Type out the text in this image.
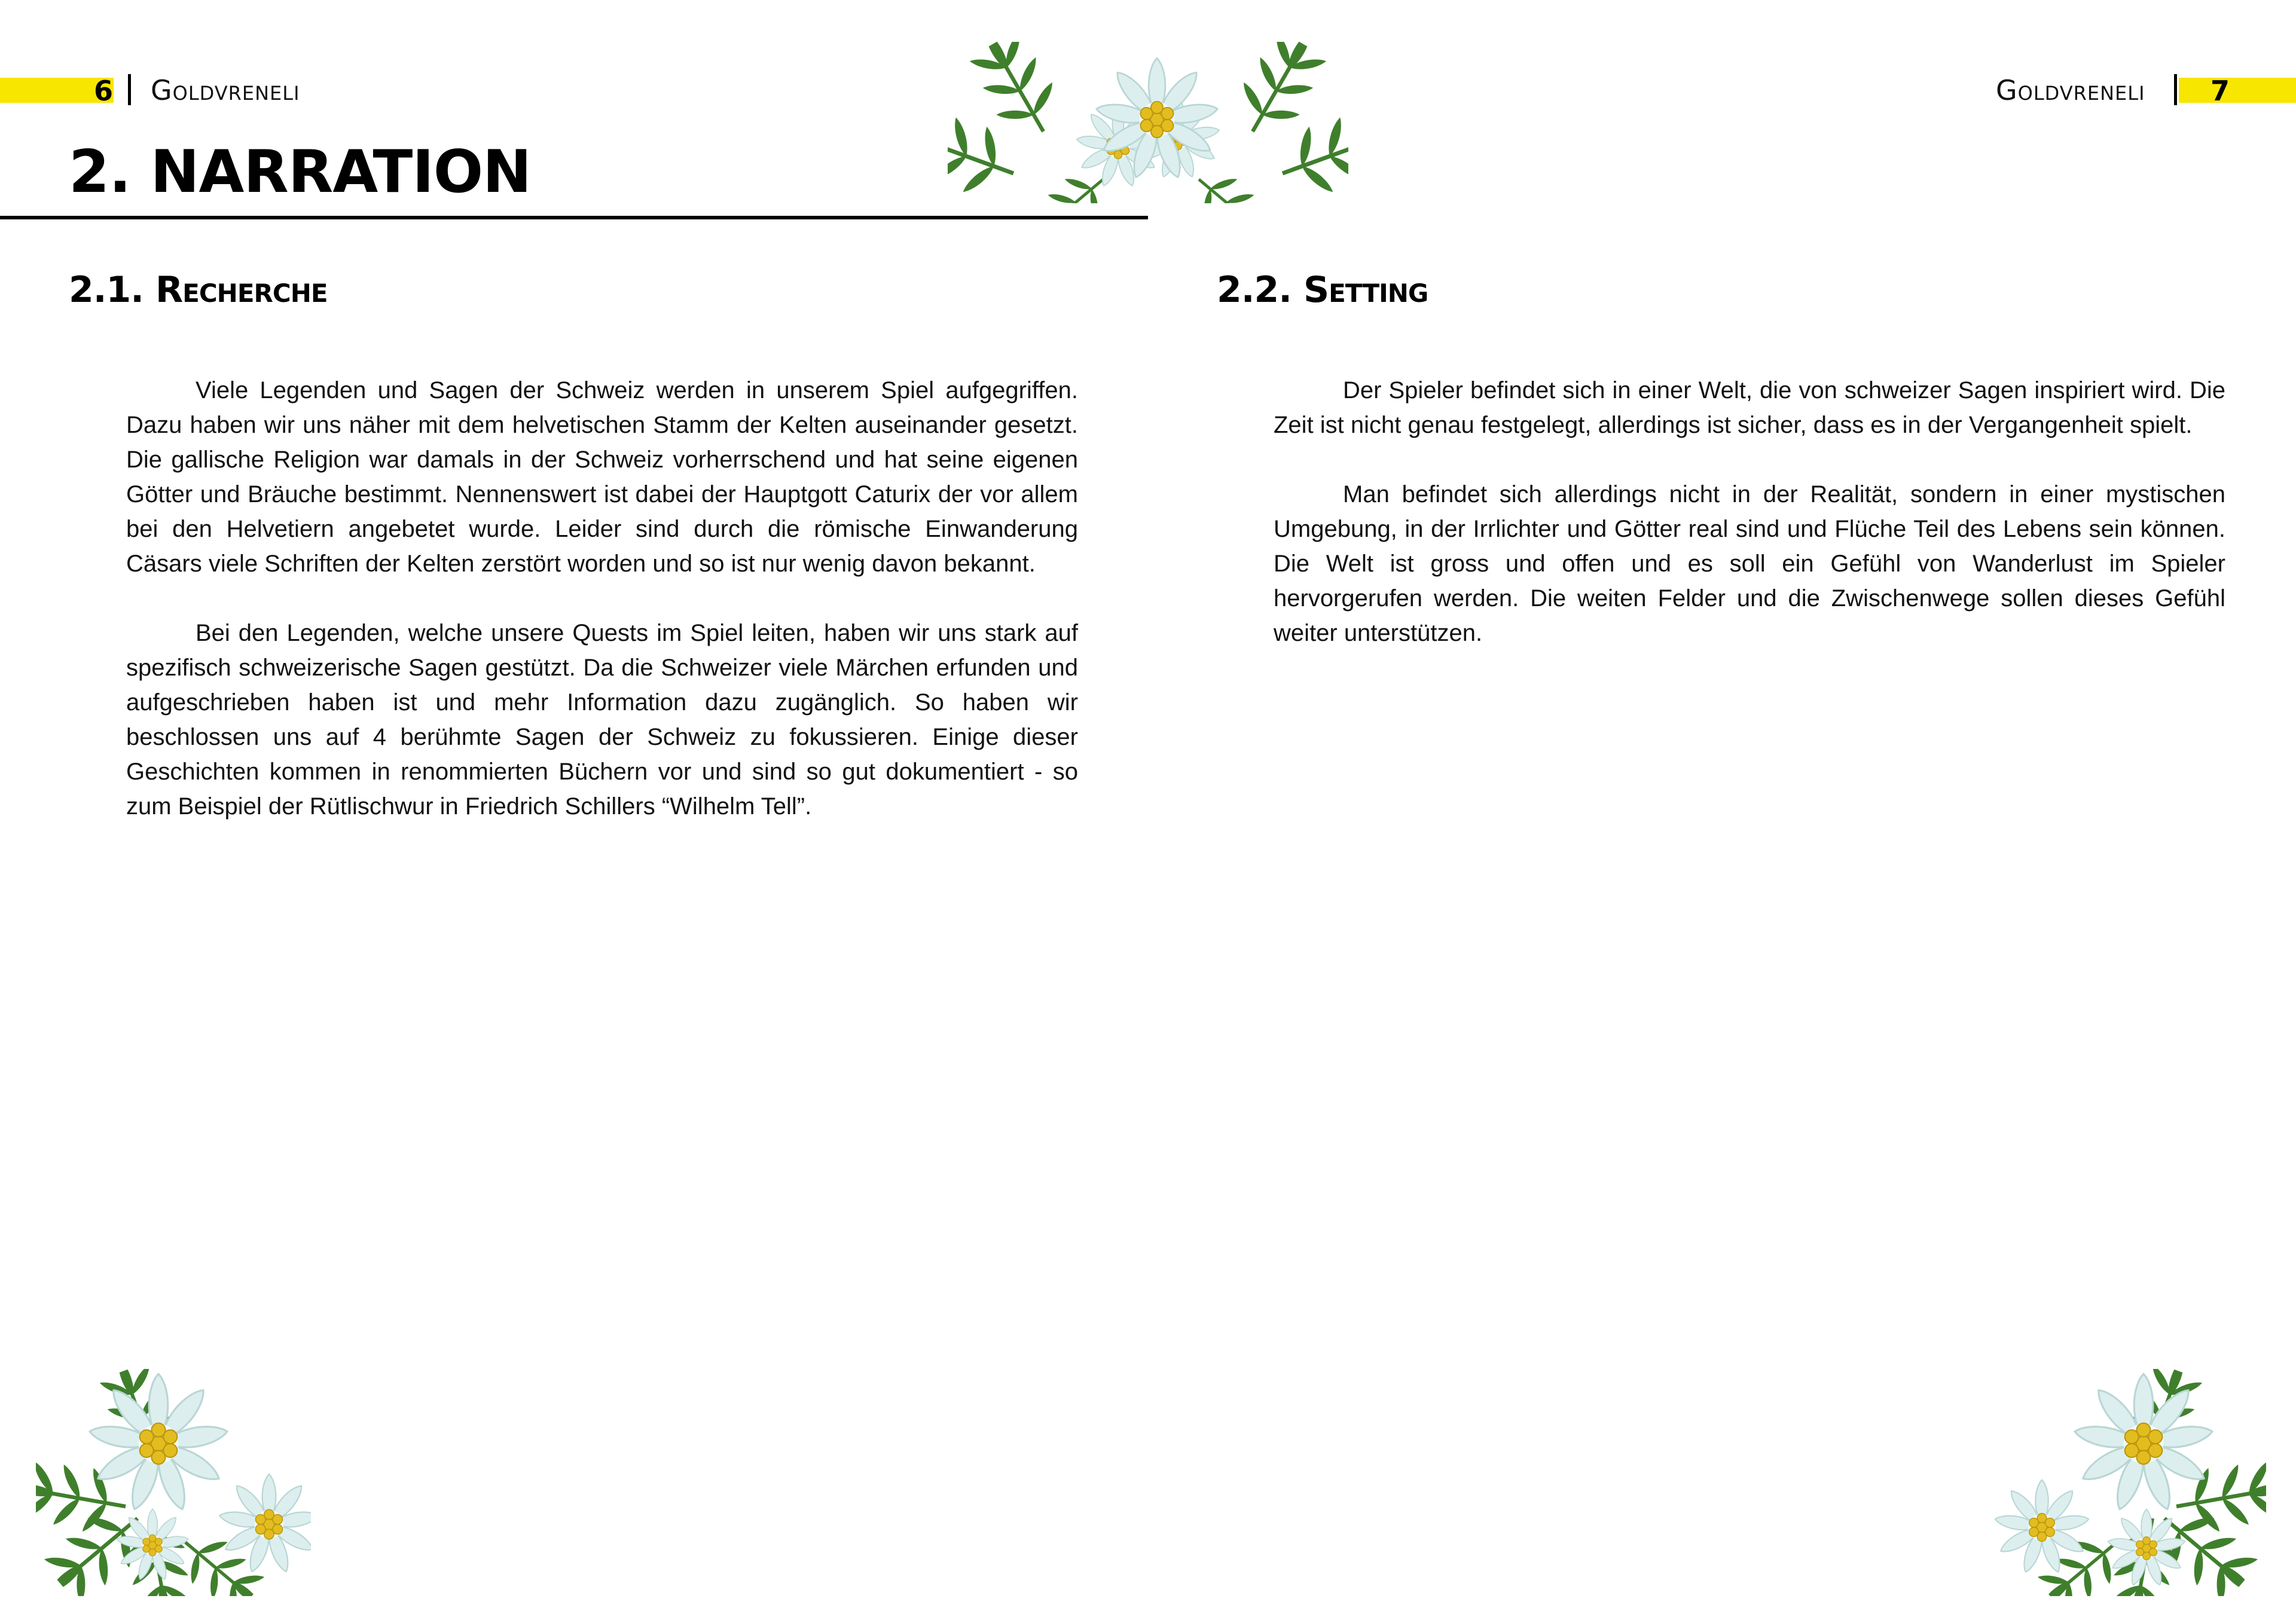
6 Goldvreneli	Goldvreneli 7
2. NARRATION
2.1. Recherche

Viele Legenden und Sagen der Schweiz werden in unserem Spiel aufgegriffen. Dazu haben wir uns näher mit dem helvetischen Stamm der Kelten auseinander gesetzt. Die gallische Religion war damals in der Schweiz vorherrschend und hat seine eigenen Götter und Bräuche bestimmt. Nennenswert ist dabei der Hauptgott Caturix der vor allem bei den Helvetiern angebetet wurde. Leider sind durch die römische Einwanderung Cäsars viele Schriften der Kelten zerstört worden und so ist nur wenig davon bekannt.

Bei den Legenden, welche unsere Quests im Spiel leiten, haben wir uns stark auf spezifisch schweizerische Sagen gestützt. Da die Schweizer viele Märchen erfunden und aufgeschrieben haben ist und mehr Information dazu zugänglich. So haben wir beschlossen uns auf 4 berühmte Sagen der Schweiz zu fokussieren. Einige dieser Geschichten kommen in renommierten Büchern vor und sind so gut dokumentiert - so zum Beispiel der Rütlischwur in Friedrich Schillers “Wilhelm Tell”.

2.2. Setting

Der Spieler befindet sich in einer Welt, die von schweizer Sagen inspiriert wird. Die Zeit ist nicht genau festgelegt, allerdings ist sicher, dass es in der Vergangenheit spielt.

Man befindet sich allerdings nicht in der Realität, sondern in einer mystischen Umgebung, in der Irrlichter und Götter real sind und Flüche Teil des Lebens sein können. Die Welt ist gross und offen und es soll ein Gefühl von Wanderlust im Spieler hervorgerufen werden. Die weiten Felder und die Zwischenwege sollen dieses Gefühl weiter unterstützen.
